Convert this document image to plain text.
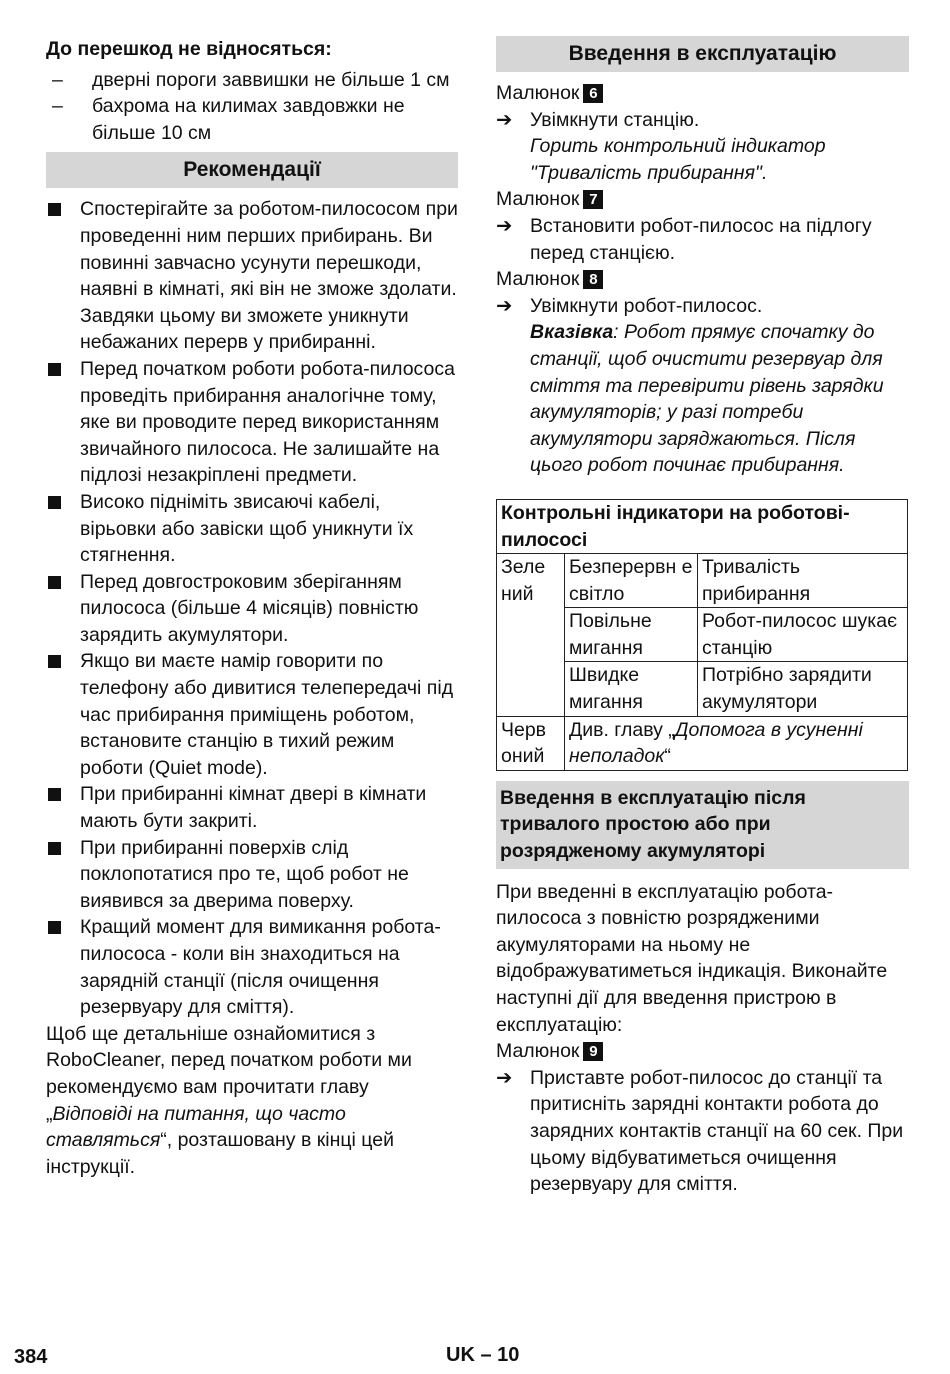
До перешкод не відносяться:

– дверні пороги заввишки не більше 1 см
– бахрома на килимах завдовжки не більше 10 см
Рекомендації
Спостерігайте за роботом-пилососом при проведенні ним перших прибирань. Ви повинні завчасно усунути перешкоди, наявні в кімнаті, які він не зможе здолати. Завдяки цьому ви зможете уникнути небажаних перерв у прибиранні.
Перед початком роботи робота-пилососа проведіть прибирання аналогічне тому, яке ви проводите перед використанням звичайного пилососа. Не залишайте на підлозі незакріплені предмети.
Високо підніміть звисаючі кабелі, вірьовки або завіски щоб уникнути їх стягнення.
Перед довгостроковим зберіганням пилососа (більше 4 місяців) повністю зарядить акумулятори.
Якщо ви маєте намір говорити по телефону або дивитися телепередачі під час прибирання приміщень роботом, встановите станцію в тихий режим роботи (Quiet mode).
При прибиранні кімнат двері в кімнати мають бути закриті.
При прибиранні поверхів слід поклопотатися про те, щоб робот не виявився за дверима поверху.
Кращий момент для вимикання робота-пилососа - коли він знаходиться на зарядній станції (після очищення резервуару для сміття).

Щоб ще детальніше ознайомитися з RoboCleaner, перед початком роботи ми рекомендуємо вам прочитати главу „Відповіді на питання, що часто ставляться“, розташовану в кінці цей інструкції.

Введення в експлуатацію

Малюнок 6

➔ Увімкнути станцію.

Горить контрольний індикатор "Тривалість прибирання".

Малюнок 7

➔ Встановити робот-пилосос на підлогу перед станцією.

Малюнок 8

➔ Увімкнути робот-пилосос.

Вказівка: Робот прямує спочатку до станції, щоб очистити резервуар для сміття та перевірити рівень зарядки акумуляторів; у разі потреби акумулятори заряджаються. Після цього робот починає прибирання.

Контрольні індикатори на роботові-пилососі		
Зеле ний	Безперервн е світло	Тривалість прибирання
	Повільне мигання	Робот-пилосос шукає станцію
	Швидке мигання	Потрібно зарядити акумулятори
Черв оний	Див. главу „Допомога в усуненні неполадок“	
Введення в експлуатацію після тривалого простою або при розрядженому акумуляторі

При введенні в експлуатацію робота-пилососа з повністю розрядженими акумуляторами на ньому не відображуватиметься індикація. Виконайте наступні дії для введення пристрою в експлуатацію:

Малюнок 9

➔ Приставте робот-пилосос до станції та притисніть зарядні контакти робота до зарядних контактів станції на 60 сек. При цьому відбуватиметься очищення резервуару для сміття.

384	UK – 10
